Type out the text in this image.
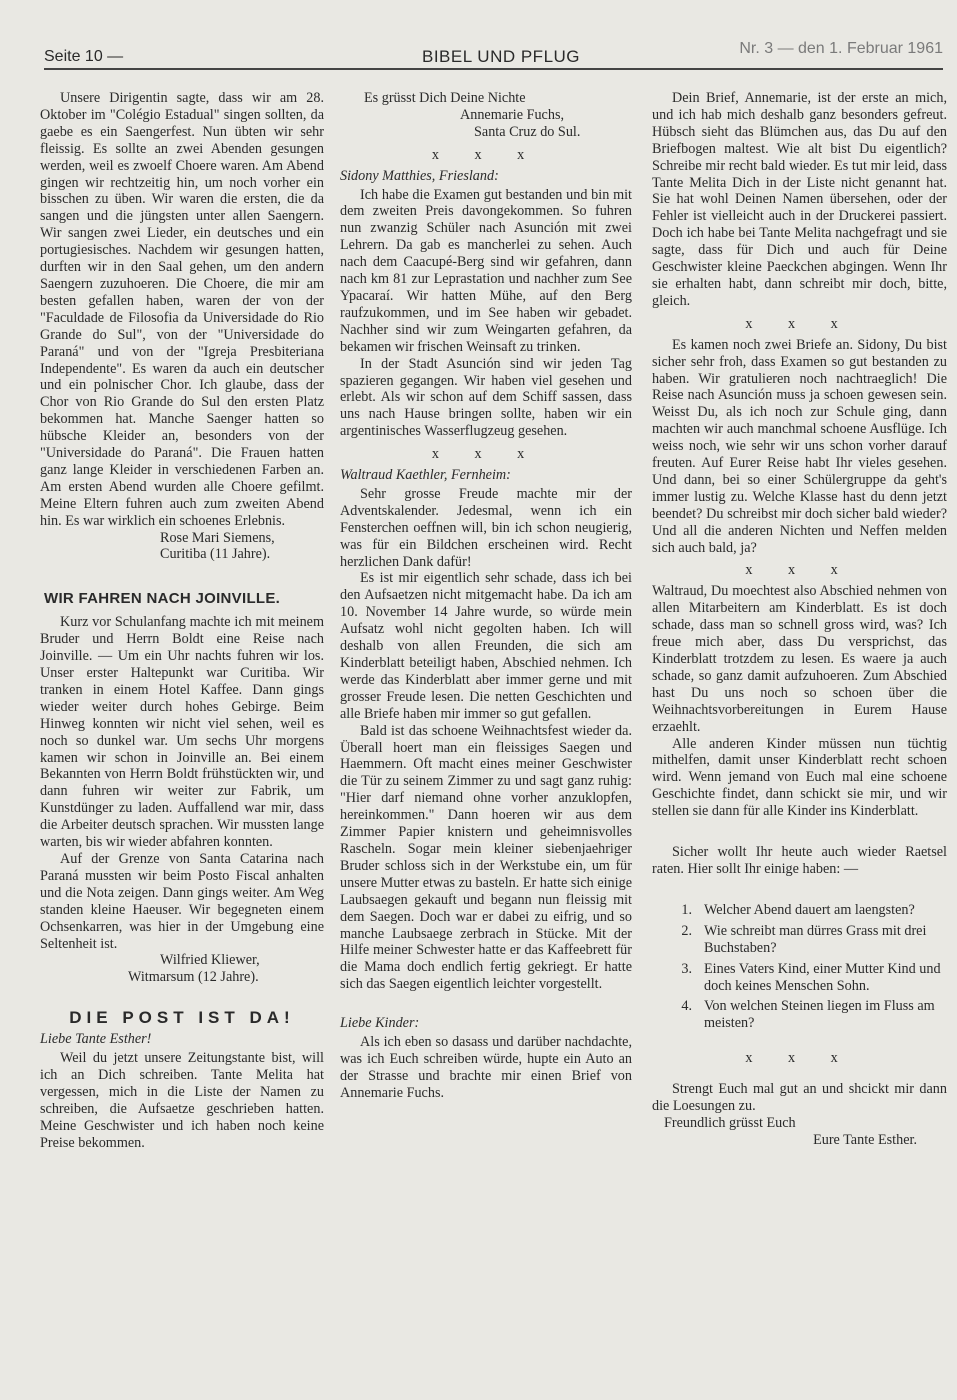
Seite 10 —	BIBEL UND PFLUG	Nr. 3 — den 1. Februar 1961

Unsere Dirigentin sagte, dass wir am 28. Oktober im "Colégio Estadual" singen sollten, da gaebe es ein Saengerfest. Nun übten wir sehr fleissig. Es sollte an zwei Abenden gesungen werden, weil es zwoelf Choere waren. Am Abend gingen wir rechtzeitig hin, um noch vorher ein bisschen zu üben. Wir waren die ersten, die da sangen und die jüngsten unter allen Saengern. Wir sangen zwei Lieder, ein deutsches und ein portugiesisches. Nachdem wir gesungen hatten, durften wir in den Saal gehen, um den andern Saengern zuzuhoeren. Die Choere, die mir am besten gefallen haben, waren der von der "Faculdade de Filosofia da Universidade do Rio Grande do Sul", von der "Universidade do Paraná" und von der "Igreja Presbiteriana Independente". Es waren da auch ein deutscher und ein polnischer Chor. Ich glaube, dass der Chor von Rio Grande do Sul den ersten Platz bekommen hat. Manche Saenger hatten so hübsche Kleider an, besonders von der "Universidade do Paraná". Die Frauen hatten ganz lange Kleider in verschiedenen Farben an. Am ersten Abend wurden alle Choere gefilmt. Meine Eltern fuhren auch zum zweiten Abend hin. Es war wirklich ein schoenes Erlebnis.

Rose Mari Siemens,
Curitiba (11 Jahre).
WIR FAHREN NACH JOINVILLE.

Kurz vor Schulanfang machte ich mit meinem Bruder und Herrn Boldt eine Reise nach Joinville. — Um ein Uhr nachts fuhren wir los. Unser erster Haltepunkt war Curitiba. Wir tranken in einem Hotel Kaffee. Dann gings wieder weiter durch hohes Gebirge. Beim Hinweg konnten wir nicht viel sehen, weil es noch so dunkel war. Um sechs Uhr morgens kamen wir schon in Joinville an. Bei einem Bekannten von Herrn Boldt frühstückten wir, und dann fuhren wir weiter zur Fabrik, um Kunstdünger zu laden. Auffallend war mir, dass die Arbeiter deutsch sprachen. Wir mussten lange warten, bis wir wieder abfahren konnten.

Auf der Grenze von Santa Catarina nach Paraná mussten wir beim Posto Fiscal anhalten und die Nota zeigen. Dann gings weiter. Am Weg standen kleine Haeuser. Wir begegneten einem Ochsenkarren, was hier in der Umgebung eine Seltenheit ist.

Wilfried Kliewer,
Witmarsum (12 Jahre).
DIE POST IST DA!
Liebe Tante Esther!

Weil du jetzt unsere Zeitungstante bist, will ich an Dich schreiben. Tante Melita hat vergessen, mich in die Liste der Namen zu schreiben, die Aufsaetze geschrieben hatten. Meine Geschwister und ich haben noch keine Preise bekommen.

Es grüsst Dich Deine Nichte
Annemarie Fuchs,
Santa Cruz do Sul.
x x x
Sidony Matthies, Friesland:

Ich habe die Examen gut bestanden und bin mit dem zweiten Preis davongekommen. So fuhren nun zwanzig Schüler nach Asunción mit zwei Lehrern. Da gab es mancherlei zu sehen. Auch nach dem Caacupé-Berg sind wir gefahren, dann nach km 81 zur Leprastation und nachher zum See Ypacaraí. Wir hatten Mühe, auf den Berg raufzukommen, und im See haben wir gebadet. Nachher sind wir zum Weingarten gefahren, da bekamen wir frischen Weinsaft zu trinken.

In der Stadt Asunción sind wir jeden Tag spazieren gegangen. Wir haben viel gesehen und erlebt. Als wir schon auf dem Schiff sassen, dass uns nach Hause bringen sollte, haben wir ein argentinisches Wasserflugzeug gesehen.

x x x
Waltraud Kaethler, Fernheim:

Sehr grosse Freude machte mir der Adventskalender. Jedesmal, wenn ich ein Fensterchen oeffnen will, bin ich schon neugierig, was für ein Bildchen erscheinen wird. Recht herzlichen Dank dafür!

Es ist mir eigentlich sehr schade, dass ich bei den Aufsaetzen nicht mitgemacht habe. Da ich am 10. November 14 Jahre wurde, so würde mein Aufsatz wohl nicht gegolten haben. Ich will deshalb von allen Freunden, die sich am Kinderblatt beteiligt haben, Abschied nehmen. Ich werde das Kinderblatt aber immer gerne und mit grosser Freude lesen. Die netten Geschichten und alle Briefe haben mir immer so gut gefallen.

Bald ist das schoene Weihnachtsfest wieder da. Überall hoert man ein fleissiges Saegen und Haemmern. Oft macht eines meiner Geschwister die Tür zu seinem Zimmer zu und sagt ganz ruhig: "Hier darf niemand ohne vorher anzuklopfen, hereinkommen." Dann hoeren wir aus dem Zimmer Papier knistern und geheimnisvolles Rascheln. Sogar mein kleiner siebenjaehriger Bruder schloss sich in der Werkstube ein, um für unsere Mutter etwas zu basteln. Er hatte sich einige Laubsaegen gekauft und begann nun fleissig mit dem Saegen. Doch war er dabei zu eifrig, und so manche Laubsaege zerbrach in Stücke. Mit der Hilfe meiner Schwester hatte er das Kaffeebrett für die Mama doch endlich fertig gekriegt. Er hatte sich das Saegen eigentlich leichter vorgestellt.

Liebe Kinder:

Als ich eben so dasass und darüber nachdachte, was ich Euch schreiben würde, hupte ein Auto an der Strasse und brachte mir einen Brief von Annemarie Fuchs.

Dein Brief, Annemarie, ist der erste an mich, und ich hab mich deshalb ganz besonders gefreut. Hübsch sieht das Blümchen aus, das Du auf den Briefbogen maltest. Wie alt bist Du eigentlich? Schreibe mir recht bald wieder. Es tut mir leid, dass Tante Melita Dich in der Liste nicht genannt hat. Sie hat wohl Deinen Namen übersehen, oder der Fehler ist vielleicht auch in der Druckerei passiert. Doch ich habe bei Tante Melita nachgefragt und sie sagte, dass für Dich und auch für Deine Geschwister kleine Paeckchen abgingen. Wenn Ihr sie erhalten habt, dann schreibt mir doch, bitte, gleich.

x x x

Es kamen noch zwei Briefe an. Sidony, Du bist sicher sehr froh, dass Examen so gut bestanden zu haben. Wir gratulieren noch nachtraeglich! Die Reise nach Asunción muss ja schoen gewesen sein. Weisst Du, als ich noch zur Schule ging, dann machten wir auch manchmal schoene Ausflüge. Ich weiss noch, wie sehr wir uns schon vorher darauf freuten. Auf Eurer Reise habt Ihr vieles gesehen. Und dann, bei so einer Schülergruppe da geht's immer lustig zu. Welche Klasse hast du denn jetzt beendet? Du schreibst mir doch sicher bald wieder? Und all die anderen Nichten und Neffen melden sich auch bald, ja?

x x x

Waltraud, Du moechtest also Abschied nehmen von allen Mitarbeitern am Kinderblatt. Es ist doch schade, dass man so schnell gross wird, was? Ich freue mich aber, dass Du versprichst, das Kinderblatt trotzdem zu lesen. Es waere ja auch schade, so ganz damit aufzuhoeren. Zum Abschied hast Du uns noch so schoen über die Weihnachtsvorbereitungen in Eurem Hause erzaehlt.

Alle anderen Kinder müssen nun tüchtig mithelfen, damit unser Kinderblatt recht schoen wird. Wenn jemand von Euch mal eine schoene Geschichte findet, dann schickt sie mir, und wir stellen sie dann für alle Kinder ins Kinderblatt.

Sicher wollt Ihr heute auch wieder Raetsel raten. Hier sollt Ihr einige haben: —

1. Welcher Abend dauert am laengsten?
2. Wie schreibt man dürres Grass mit drei Buchstaben?
3. Eines Vaters Kind, einer Mutter Kind und doch keines Menschen Sohn.
4. Von welchen Steinen liegen im Fluss am meisten?
x x x

Strengt Euch mal gut an und shcickt mir dann die Loesungen zu.

Freundlich grüsst Euch
Eure Tante Esther.
